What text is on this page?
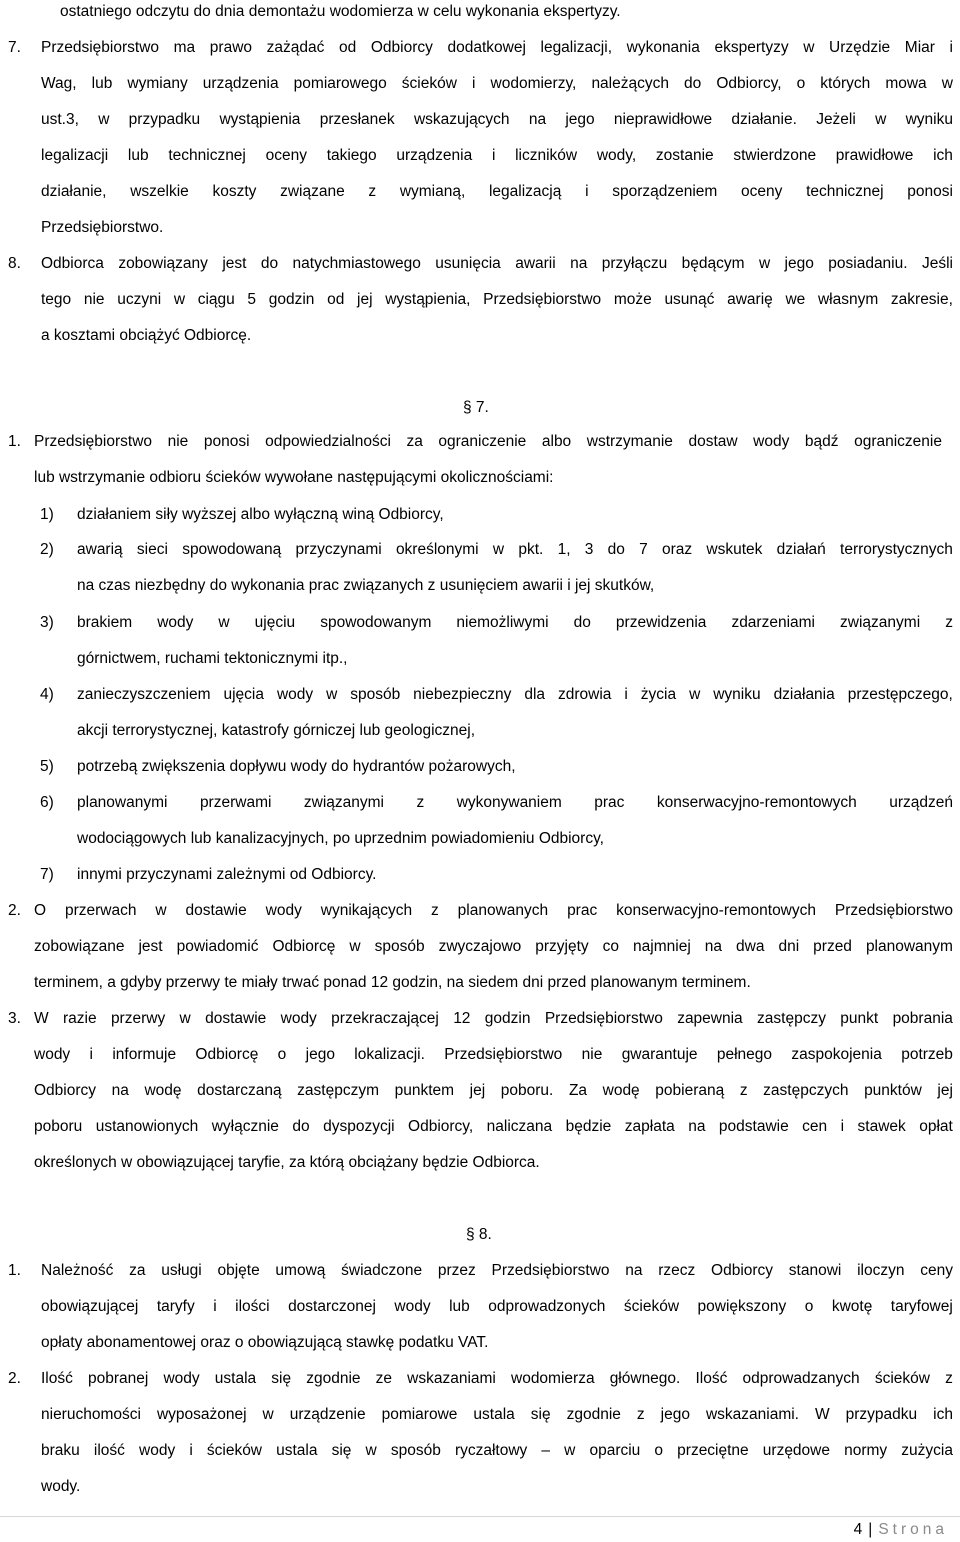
ostatniego odczytu do dnia demontażu wodomierza w celu wykonania ekspertyzy.
7. Przedsiębiorstwo ma prawo zażądać od Odbiorcy dodatkowej legalizacji, wykonania ekspertyzy w Urzędzie Miar i
Wag, lub wymiany urządzenia pomiarowego ścieków i wodomierzy, należących do Odbiorcy, o których mowa w
ust.3, w przypadku wystąpienia przesłanek wskazujących na jego nieprawidłowe działanie. Jeżeli w wyniku
legalizacji lub technicznej oceny takiego urządzenia i liczników wody, zostanie stwierdzone prawidłowe ich
działanie, wszelkie koszty związane z wymianą, legalizacją i sporządzeniem oceny technicznej ponosi
Przedsiębiorstwo.
8. Odbiorca zobowiązany jest do natychmiastowego usunięcia awarii na przyłączu będącym w jego posiadaniu. Jeśli
tego nie uczyni w ciągu 5 godzin od jej wystąpienia, Przedsiębiorstwo może usunąć awarię we własnym zakresie,
a kosztami obciążyć Odbiorcę.
§ 7.
1. Przedsiębiorstwo nie ponosi odpowiedzialności za ograniczenie albo wstrzymanie dostaw wody bądź ograniczenie
lub wstrzymanie odbioru ścieków wywołane następującymi okolicznościami:
1) działaniem siły wyższej albo wyłączną winą Odbiorcy,
2) awarią sieci spowodowaną przyczynami określonymi w pkt. 1, 3 do 7 oraz wskutek działań terrorystycznych
na czas niezbędny do wykonania prac związanych z usunięciem awarii i jej skutków,
3) brakiem wody w ujęciu spowodowanym niemożliwymi do przewidzenia zdarzeniami związanymi z
górnictwem, ruchami tektonicznymi itp.,
4) zanieczyszczeniem ujęcia wody w sposób niebezpieczny dla zdrowia i życia w wyniku działania przestępczego,
akcji terrorystycznej, katastrofy górniczej lub geologicznej,
5) potrzebą zwiększenia dopływu wody do hydrantów pożarowych,
6) planowanymi przerwami związanymi z wykonywaniem prac konserwacyjno-remontowych urządzeń
wodociągowych lub kanalizacyjnych, po uprzednim powiadomieniu Odbiorcy,
7) innymi przyczynami zależnymi od Odbiorcy.
2. O przerwach w dostawie wody wynikających z planowanych prac konserwacyjno-remontowych Przedsiębiorstwo
zobowiązane jest powiadomić Odbiorcę w sposób zwyczajowo przyjęty co najmniej na dwa dni przed planowanym
terminem, a gdyby przerwy te miały trwać ponad 12 godzin, na siedem dni przed planowanym terminem.
3. W razie przerwy w dostawie wody przekraczającej 12 godzin Przedsiębiorstwo zapewnia zastępczy punkt pobrania
wody i informuje Odbiorcę o jego lokalizacji. Przedsiębiorstwo nie gwarantuje pełnego zaspokojenia potrzeb
Odbiorcy na wodę dostarczaną zastępczym punktem jej poboru. Za wodę pobieraną z zastępczych punktów jej
poboru ustanowionych wyłącznie do dyspozycji Odbiorcy, naliczana będzie zapłata na podstawie cen i stawek opłat
określonych w obowiązującej taryfie, za którą obciążany będzie Odbiorca.
§ 8.
1. Należność za usługi objęte umową świadczone przez Przedsiębiorstwo na rzecz Odbiorcy stanowi iloczyn ceny
obowiązującej taryfy i ilości dostarczonej wody lub odprowadzonych ścieków powiększony o kwotę taryfowej
opłaty abonamentowej oraz o obowiązującą stawkę podatku VAT.
2. Ilość pobranej wody ustala się zgodnie ze wskazaniami wodomierza głównego. Ilość odprowadzanych ścieków z
nieruchomości wyposażonej w urządzenie pomiarowe ustala się zgodnie z jego wskazaniami. W przypadku ich
braku ilość wody i ścieków ustala się w sposób ryczałtowy – w oparciu o przeciętne urzędowe normy zużycia
wody.
4 | Strona
